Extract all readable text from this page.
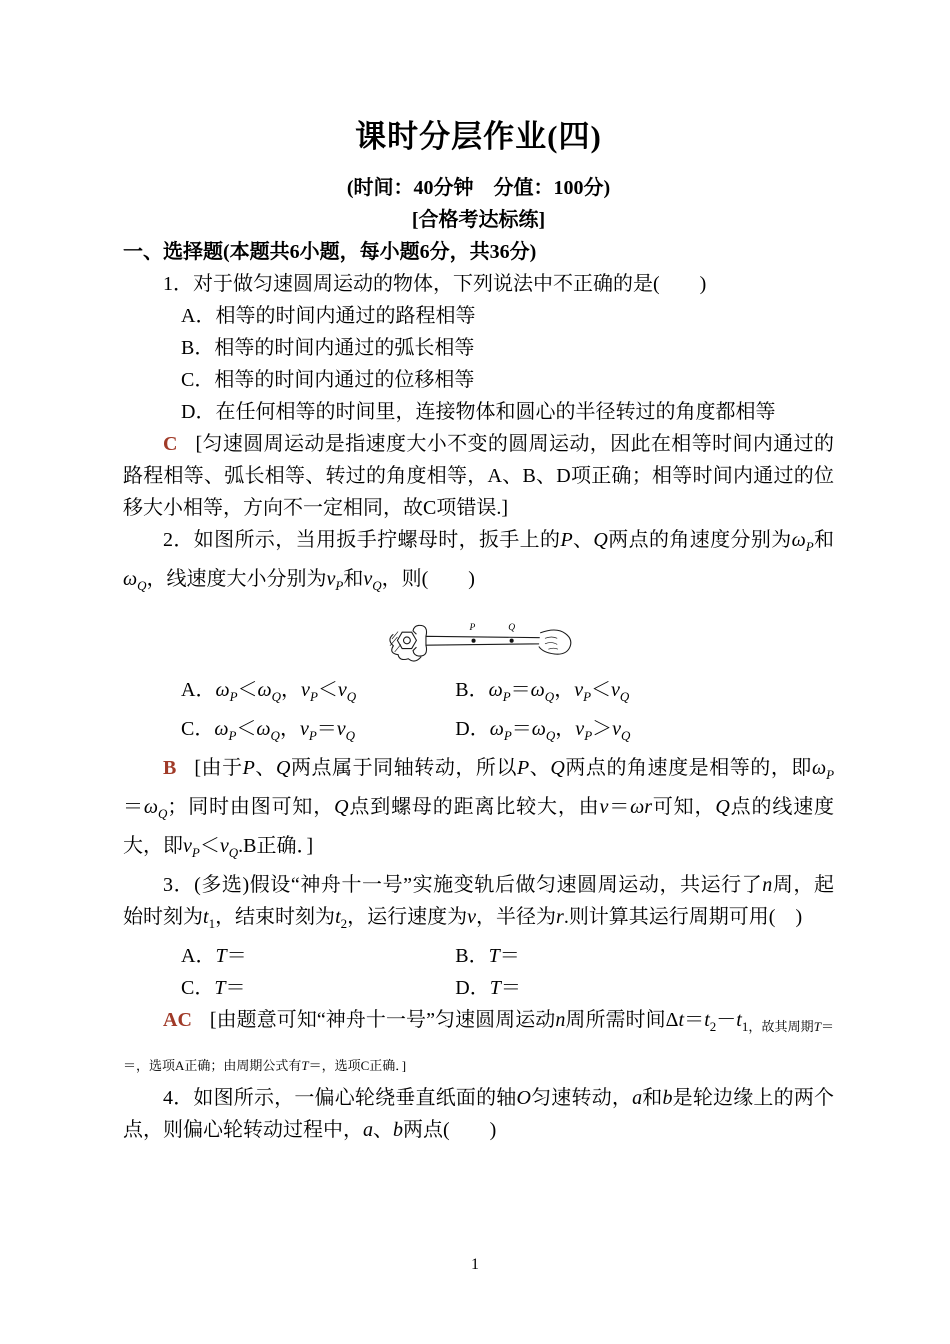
课时分层作业(四)

(时间：40分钟　分值：100分)

[合格考达标练]

一、选择题(本题共6小题，每小题6分，共36分)

1．对于做匀速圆周运动的物体，下列说法中不正确的是(　　)

A．相等的时间内通过的路程相等

B．相等的时间内通过的弧长相等

C．相等的时间内通过的位移相等

D．在任何相等的时间里，连接物体和圆心的半径转过的角度都相等

C [匀速圆周运动是指速度大小不变的圆周运动，因此在相等时间内通过的路程相等、弧长相等、转过的角度相等，A、B、D项正确；相等时间内通过的位移大小相等，方向不一定相同，故C项错误.]

2．如图所示，当用扳手拧螺母时，扳手上的P、Q两点的角速度分别为$\omega_P$和$\omega_Q$，线速度大小分别为$v_P$和$v_Q$，则(　　)

P Q
A．$\omega_P<\omega_Q$，$v_P<v_Q$	B．$\omega_P=\omega_Q$，$v_P<v_Q$
C．$\omega_P<\omega_Q$，$v_P=v_Q$	D．$\omega_P=\omega_Q$，$v_P>v_Q$

B [由于P、Q两点属于同轴转动，所以P、Q两点的角速度是相等的，即$\omega_P=\omega_Q$；同时由图可知，Q点到螺母的距离比较大，由v＝ωr可知，Q点的线速度大，即$v_P<v_Q.B$正确．]

3．(多选)假设“神舟十一号”实施变轨后做匀速圆周运动，共运行了n周，起始时刻为$t_1$，结束时刻为$t_2$，运行速度为v，半径为r.则计算其运行周期可用(　)

A．T＝	B．T＝
C．T＝	D．T＝

AC [由题意可知“神舟十一号”匀速圆周运动n周所需时间$\Delta t=t_2-t_{1,故其周期T==,选项A正确;由周期公式有T=,选项C正确.]}$

4．如图所示，一偏心轮绕垂直纸面的轴O匀速转动，a和b是轮边缘上的两个点，则偏心轮转动过程中，a、b两点(　　)

1
